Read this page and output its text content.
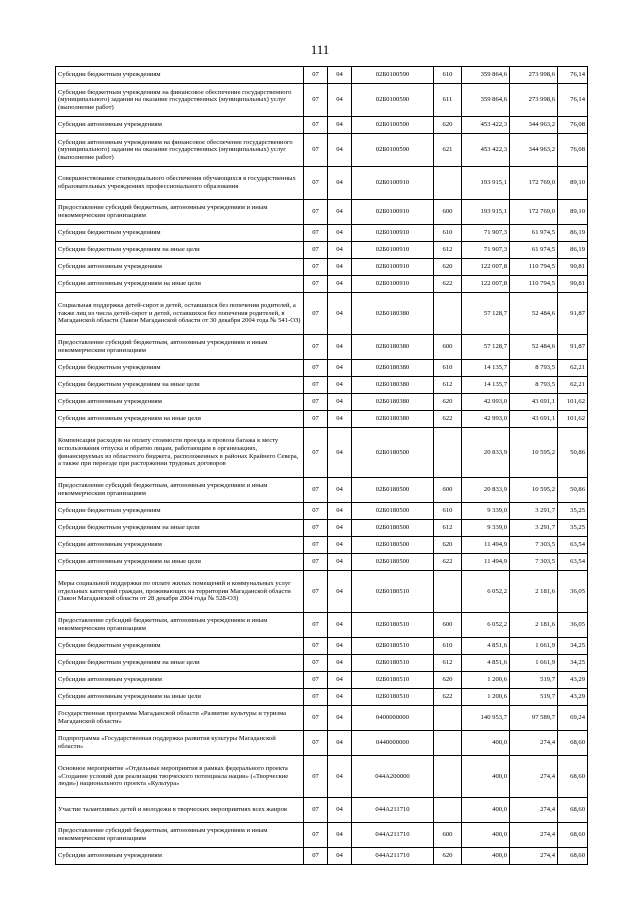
111
Субсидии бюджетным учреждениям	07	04	02Б0100590	610	359 864,6	273 998,6	76,14
Субсидии бюджетным учреждениям на финансовое обеспечение государственного (муниципального) задания на оказание государственных (муниципальных) услуг (выполнение работ)	07	04	02Б0100590	611	359 864,6	273 998,6	76,14
Субсидии автономным учреждениям	07	04	02Б0100590	620	453 422,3	344 963,2	76,08
Субсидии автономным учреждениям на финансовое обеспечение государственного (муниципального) задания на оказание государственных (муниципальных) услуг (выполнение работ)	07	04	02Б0100590	621	453 422,3	344 963,2	76,08
Совершенствование стипендиального обеспечения обучающихся в государственных образовательных учреждениях профессионального образования	07	04	02Б0100910		193 915,1	172 769,0	89,10
Предоставление субсидий бюджетным, автономным учреждениям и иным некоммерческим организациям	07	04	02Б0100910	600	193 915,1	172 769,0	89,10
Субсидии бюджетным учреждениям	07	04	02Б0100910	610	71 907,3	61 974,5	86,19
Субсидии бюджетным учреждениям на иные цели	07	04	02Б0100910	612	71 907,3	61 974,5	86,19
Субсидии автономным учреждениям	07	04	02Б0100910	620	122 007,8	110 794,5	90,81
Субсидии автономным учреждениям на иные цели	07	04	02Б0100910	622	122 007,8	110 794,5	90,81
Социальная поддержка детей-сирот и детей, оставшихся без попечения родителей, а также лиц из числа детей-сирот и детей, оставшихся без попечения родителей, в Магаданской области (Закон Магаданской области от 30 декабря 2004 года № 541-ОЗ)	07	04	02Б0180380		57 128,7	52 484,6	91,87
Предоставление субсидий бюджетным, автономным учреждениям и иным некоммерческим организациям	07	04	02Б0180380	600	57 128,7	52 484,6	91,87
Субсидии бюджетным учреждениям	07	04	02Б0180380	610	14 135,7	8 793,5	62,21
Субсидии бюджетным учреждениям на иные цели	07	04	02Б0180380	612	14 135,7	8 793,5	62,21
Субсидии автономным учреждениям	07	04	02Б0180380	620	42 993,0	43 691,1	101,62
Субсидии автономным учреждениям на иные цели	07	04	02Б0180380	622	42 993,0	43 691,1	101,62
Компенсация расходов на оплату стоимости проезда и провоза багажа к месту использования отпуска и обратно лицам, работающим в организациях, финансируемых из областного бюджета, расположенных в районах Крайнего Севера, а также при переезде при расторжении трудовых договоров	07	04	02Б0180500		20 833,9	10 595,2	50,86
Предоставление субсидий бюджетным, автономным учреждениям и иным некоммерческим организациям	07	04	02Б0180500	600	20 833,9	10 595,2	50,86
Субсидии бюджетным учреждениям	07	04	02Б0180500	610	9 339,0	3 291,7	35,25
Субсидии бюджетным учреждениям на иные цели	07	04	02Б0180500	612	9 339,0	3 291,7	35,25
Субсидии автономным учреждениям	07	04	02Б0180500	620	11 494,9	7 303,5	63,54
Субсидии автономным учреждениям на иные цели	07	04	02Б0180500	622	11 494,9	7 303,5	63,54
Меры социальной поддержки по оплате жилых помещений и коммунальных услуг отдельных категорий граждан, проживающих на территории Магаданской области (Закон Магаданской области от 28 декабря 2004 года № 528-ОЗ)	07	04	02Б0180510		6 052,2	2 181,6	36,05
Предоставление субсидий бюджетным, автономным учреждениям и иным некоммерческим организациям	07	04	02Б0180510	600	6 052,2	2 181,6	36,05
Субсидии бюджетным учреждениям	07	04	02Б0180510	610	4 851,6	1 661,9	34,25
Субсидии бюджетным учреждениям на иные цели	07	04	02Б0180510	612	4 851,6	1 661,9	34,25
Субсидии автономным учреждениям	07	04	02Б0180510	620	1 200,6	519,7	43,29
Субсидии автономным учреждениям на иные цели	07	04	02Б0180510	622	1 200,6	519,7	43,29
Государственная программа Магаданской области «Развитие культуры и туризма Магаданской области»	07	04	0400000000		140 953,7	97 589,7	69,24
Подпрограмма «Государственная поддержка развития культуры Магаданской области»	07	04	0440000000		400,0	274,4	68,60
Основное мероприятие «Отдельные мероприятия в рамках федерального проекта «Создание условий для реализации творческого потенциала нации» («Творческие люди») национального проекта «Культура»	07	04	044A200000		400,0	274,4	68,60
Участие талантливых детей и молодежи в творческих мероприятиях всех жанров	07	04	044A211710		400,0	274,4	68,60
Предоставление субсидий бюджетным, автономным учреждениям и иным некоммерческим организациям	07	04	044A211710	600	400,0	274,4	68,60
Субсидии автономным учреждениям	07	04	044A211710	620	400,0	274,4	68,60
